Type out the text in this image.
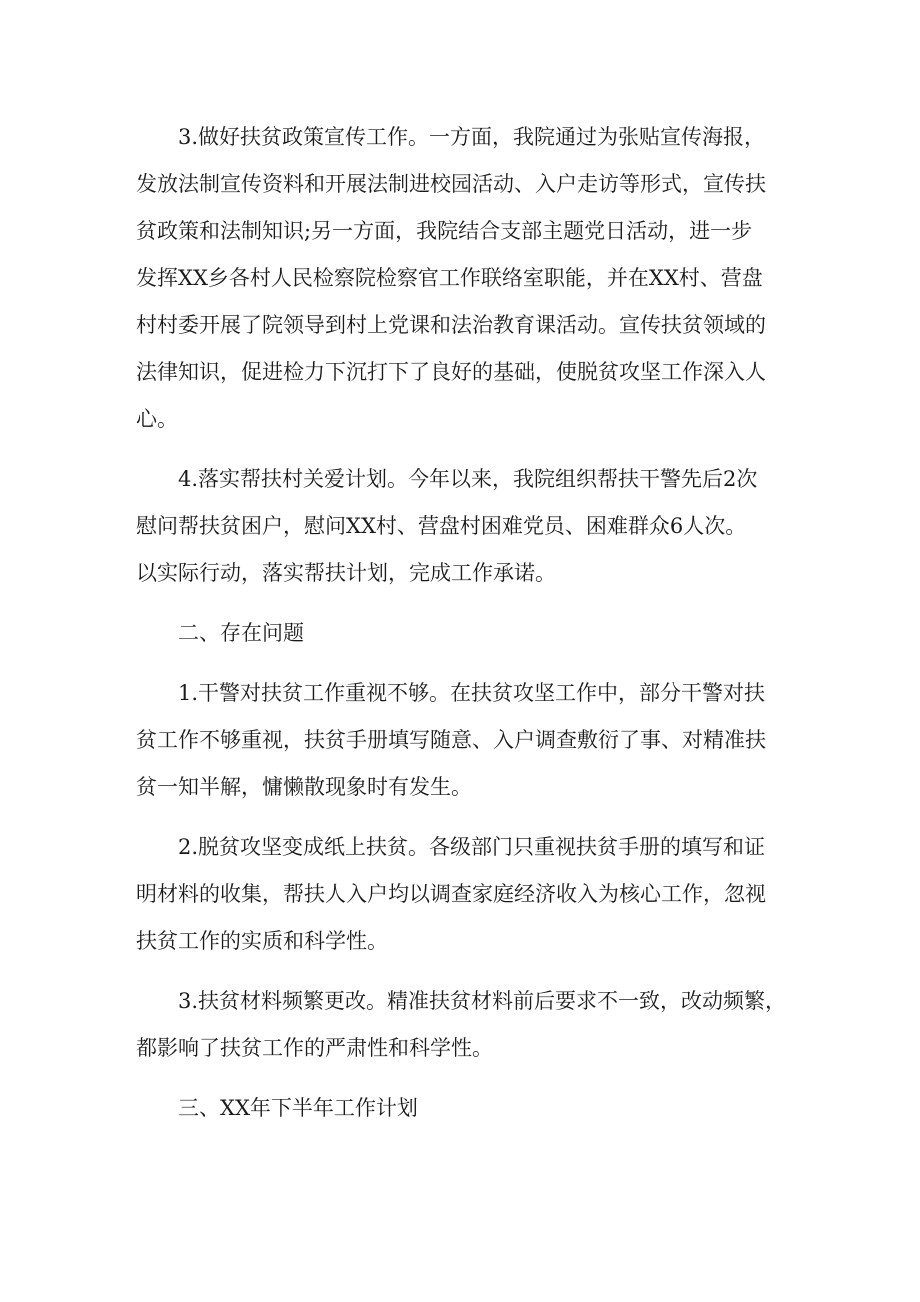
3.做好扶贫政策宣传工作。一方面，我院通过为张贴宣传海报，
发放法制宣传资料和开展法制进校园活动、入户走访等形式，宣传扶
贫政策和法制知识;另一方面，我院结合支部主题党日活动，进一步
发挥XX乡各村人民检察院检察官工作联络室职能，并在XX村、营盘
村村委开展了院领导到村上党课和法治教育课活动。宣传扶贫领域的
法律知识，促进检力下沉打下了良好的基础，使脱贫攻坚工作深入人
心。

4.落实帮扶村关爱计划。今年以来，我院组织帮扶干警先后2次
慰问帮扶贫困户，慰问XX村、营盘村困难党员、困难群众6人次。
以实际行动，落实帮扶计划，完成工作承诺。

二、存在问题

1.干警对扶贫工作重视不够。在扶贫攻坚工作中，部分干警对扶
贫工作不够重视，扶贫手册填写随意、入户调查敷衍了事、对精准扶
贫一知半解，慵懒散现象时有发生。

2.脱贫攻坚变成纸上扶贫。各级部门只重视扶贫手册的填写和证
明材料的收集，帮扶人入户均以调查家庭经济收入为核心工作，忽视
扶贫工作的实质和科学性。

3.扶贫材料频繁更改。精准扶贫材料前后要求不一致，改动频繁，
都影响了扶贫工作的严肃性和科学性。

三、XX年下半年工作计划
